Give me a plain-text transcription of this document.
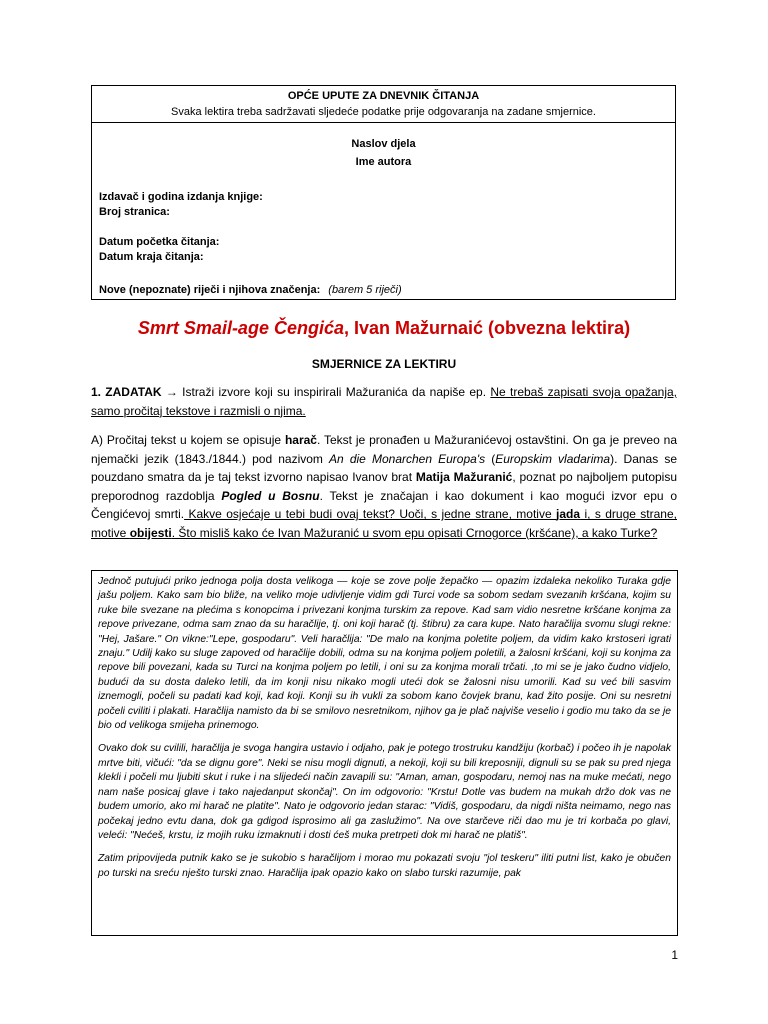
OPĆE UPUTE ZA DNEVNIK ČITANJA
Svaka lektira treba sadržavati sljedeće podatke prije odgovaranja na zadane smjernice.
Naslov djela
Ime autora
Izdavač i godina izdanja knjige:
Broj stranica:
Datum početka čitanja:
Datum kraja čitanja:
Nove (nepoznate) riječi i njihova značenja: (barem 5 riječi)
Smrt Smail-age Čengića, Ivan Mažurnaić (obvezna lektira)
SMJERNICE ZA LEKTIRU

1. ZADATAK → Istraži izvore koji su inspirirali Mažuranića da napiše ep. Ne trebaš zapisati svoja opažanja, samo pročitaj tekstove i razmisli o njima.

A) Pročitaj tekst u kojem se opisuje harač. Tekst je pronađen u Mažuranićevoj ostavštini. On ga je preveo na njemački jezik (1843./1844.) pod nazivom An die Monarchen Europa's (Europskim vladarima). Danas se pouzdano smatra da je taj tekst izvorno napisao Ivanov brat Matija Mažuranić, poznat po najboljem putopisu preporodnog razdoblja Pogled u Bosnu. Tekst je značajan i kao dokument i kao mogući izvor epu o Čengićevoj smrti. Kakve osjećaje u tebi budi ovaj tekst? Uoči, s jedne strane, motive jada i, s druge strane, motive obijesti. Što misliš kako će Ivan Mažuranić u svom epu opisati Crnogorce (kršćane), a kako Turke?

Jednoč putujući priko jednoga polja dosta velikoga — koje se zove polje žepačko — opazim izdaleka nekoliko Turaka gdje jašu poljem. Kako sam bio bliže, na veliko moje udivljenje vidim gdi Turci vode sa sobom sedam svezanih kršćana, kojim su ruke bile svezane na plećima s konopcima i privezani konjma turskim za repove. Kad sam vidio nesretne kršćane konjma za repove privezane, odma sam znao da su haračlije, tj. oni koji harač (tj. štibru) za cara kupe. Nato haračlija svomu slugi rekne: "Hej, Jašare." On vikne:"Lepe, gospodaru". Veli haračlija: "De malo na konjma poletite poljem, da vidim kako krstoseri igrati znaju." Udilj kako su sluge zapoved od haračlije dobili, odma su na konjma poljem poletili, a žalosni kršćani, koji su konjma za repove bili povezani, kada su Turci na konjma poljem po letili, i oni su za konjma morali trčati. ,to mi se je jako čudno vidjelo, budući da su dosta daleko letili, da im konji nisu nikako mogli uteći dok se žalosni nisu umorili. Kad su već bili sasvim iznemogli, počeli su padati kad koji, kad koji. Konji su ih vukli za sobom kano čovjek branu, kad žito posije. Oni su nesretni počeli cviliti i plakati. Haračlija namisto da bi se smilovo nesretnikom, njihov ga je plač najviše veselio i godio mu tako da se je bio od velikoga smijeha prinemogo.

Ovako dok su cvilili, haračlija je svoga hangira ustavio i odjaho, pak je potego trostruku kandžiju (korbač) i počeo ih je napolak mrtve biti, vičući: "da se dignu gore". Neki se nisu mogli dignuti, a nekoji, koji su bili kreposniji, dignuli su se pak su pred njega klekli i počeli mu ljubiti skut i ruke i na slijedeći način zavapili su: "Aman, aman, gospodaru, nemoj nas na muke mećati, nego nam naše posicaj glave i tako najedanput skončaj". On im odgovorio: "Krstu! Dotle vas budem na mukah držo dok vas ne budem umorio, ako mi harač ne platite". Nato je odgovorio jedan starac: "Vidiš, gospodaru, da nigdi ništa neimamo, nego nas počekaj jedno evtu dana, dok ga gdigod isprosimo ali ga zaslužimo". Na ove starčeve riči dao mu je tri korbača po glavi, veleći: "Nećeš, krstu, iz mojih ruku izmaknuti i dosti ćeš muka pretrpeti dok mi harač ne platiš".

Zatim pripovijeda putnik kako se je sukobio s haračlijom i morao mu pokazati svoju "jol teskeru" iliti putni list, kako je obučen po turski na sreću nješto turski znao. Haračlija ipak opazio kako on slabo turski razumije, pak

1
